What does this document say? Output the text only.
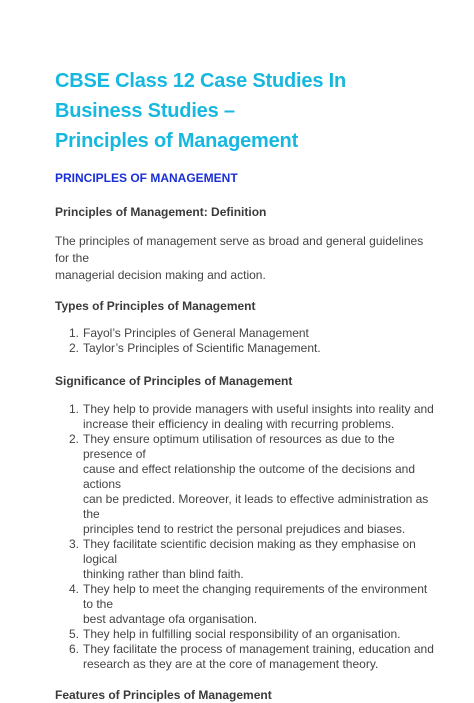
CBSE Class 12 Case Studies In Business Studies –
Principles of Management
PRINCIPLES OF MANAGEMENT
Principles of Management: Definition

The principles of management serve as broad and general guidelines for the
managerial decision making and action.

Types of Principles of Management
1. Fayol’s Principles of General Management
2. Taylor’s Principles of Scientific Management.
Significance of Principles of Management
1. They help to provide managers with useful insights into reality and
increase their efficiency in dealing with recurring problems.
2. They ensure optimum utilisation of resources as due to the presence of
cause and effect relationship the outcome of the decisions and actions
can be predicted. Moreover, it leads to effective administration as the
principles tend to restrict the personal prejudices and biases.
3. They facilitate scientific decision making as they emphasise on logical
thinking rather than blind faith.
4. They help to meet the changing requirements of the environment to the
best advantage ofa organisation.
5. They help in fulfilling social responsibility of an organisation.
6. They facilitate the process of management training, education and
research as they are at the core of management theory.
Features of Principles of Management
